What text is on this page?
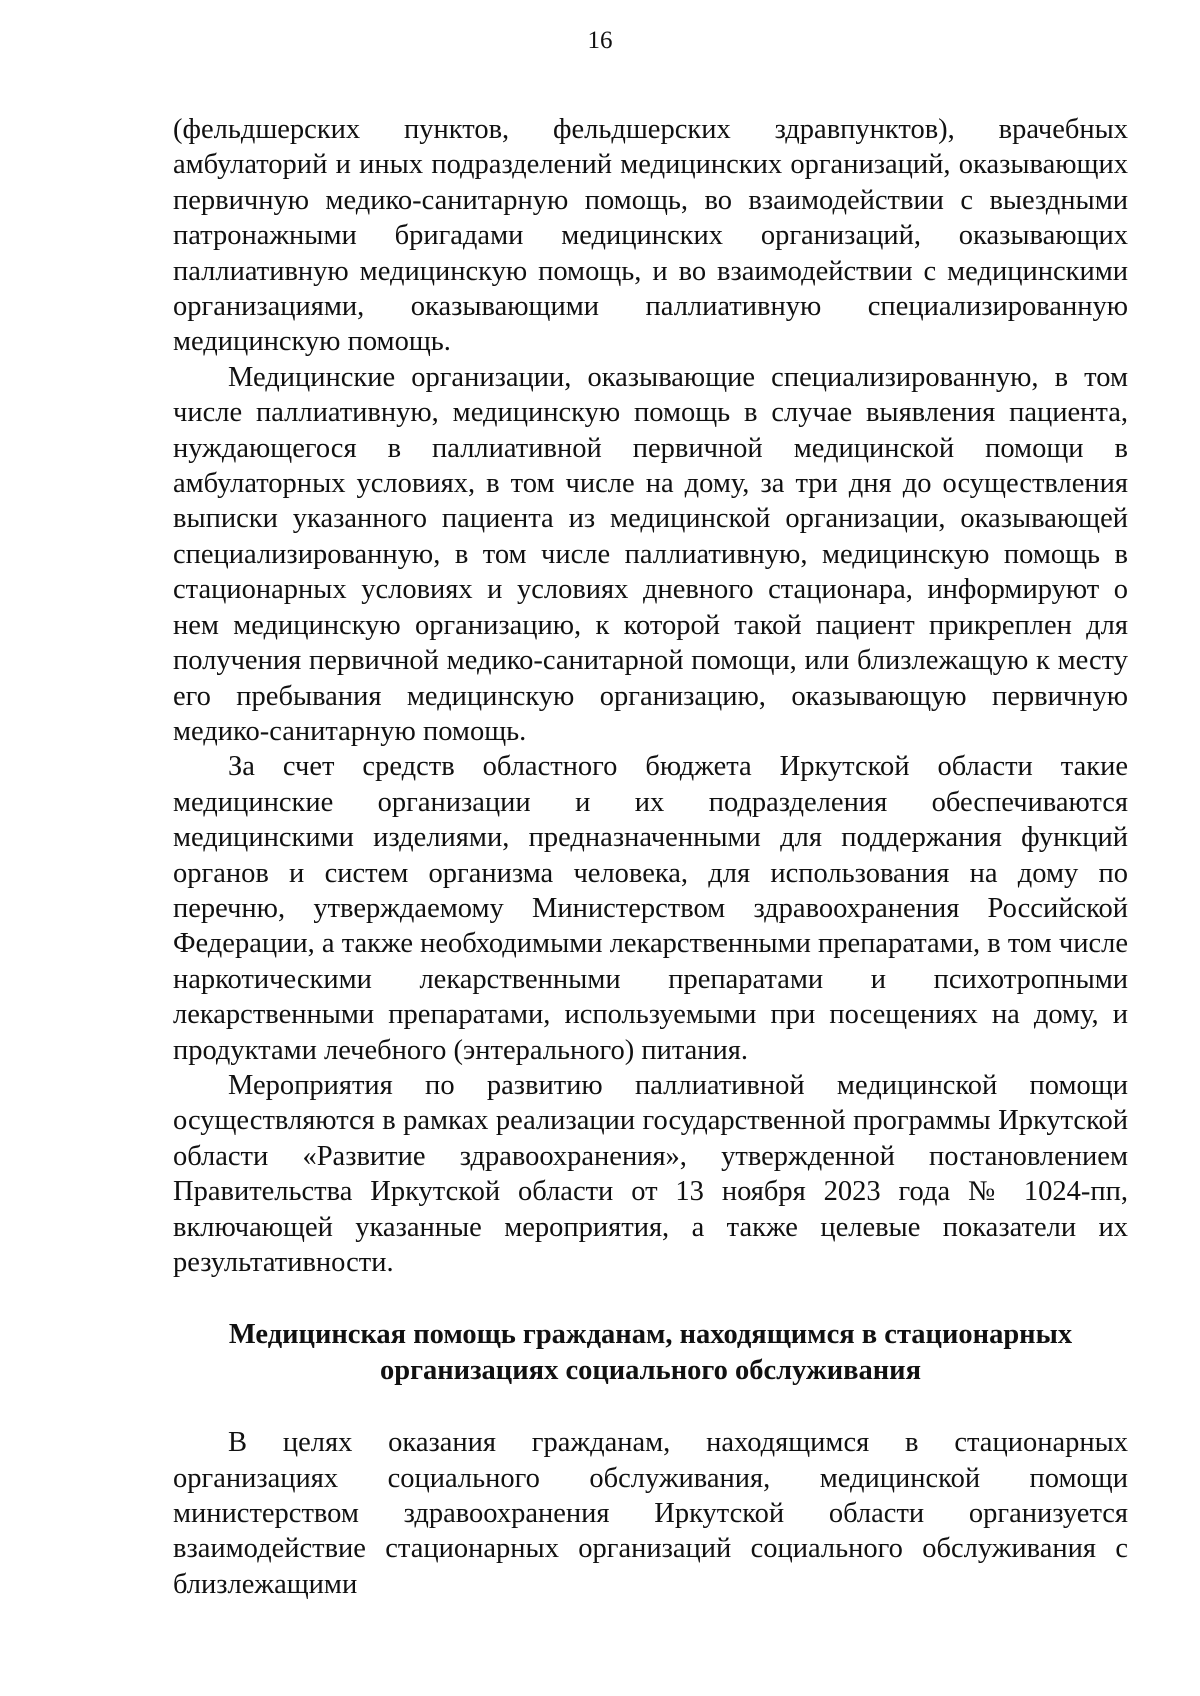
16

(фельдшерских пунктов, фельдшерских здравпунктов), врачебных амбулаторий и иных подразделений медицинских организаций, оказывающих первичную медико-санитарную помощь, во взаимодействии с выездными патронажными бригадами медицинских организаций, оказывающих паллиативную медицинскую помощь, и во взаимодействии с медицинскими организациями, оказывающими паллиативную специализированную медицинскую помощь.

Медицинские организации, оказывающие специализированную, в том числе паллиативную, медицинскую помощь в случае выявления пациента, нуждающегося в паллиативной первичной медицинской помощи в амбулаторных условиях, в том числе на дому, за три дня до осуществления выписки указанного пациента из медицинской организации, оказывающей специализированную, в том числе паллиативную, медицинскую помощь в стационарных условиях и условиях дневного стационара, информируют о нем медицинскую организацию, к которой такой пациент прикреплен для получения первичной медико-санитарной помощи, или близлежащую к месту его пребывания медицинскую организацию, оказывающую первичную медико-санитарную помощь.

За счет средств областного бюджета Иркутской области такие медицинские организации и их подразделения обеспечиваются медицинскими изделиями, предназначенными для поддержания функций органов и систем организма человека, для использования на дому по перечню, утверждаемому Министерством здравоохранения Российской Федерации, а также необходимыми лекарственными препаратами, в том числе наркотическими лекарственными препаратами и психотропными лекарственными препаратами, используемыми при посещениях на дому, и продуктами лечебного (энтерального) питания.

Мероприятия по развитию паллиативной медицинской помощи осуществляются в рамках реализации государственной программы Иркутской области «Развитие здравоохранения», утвержденной постановлением Правительства Иркутской области от 13 ноября 2023 года № 1024-пп, включающей указанные мероприятия, а также целевые показатели их результативности.

Медицинская помощь гражданам, находящимся в стационарных
организациях социального обслуживания

В целях оказания гражданам, находящимся в стационарных организациях социального обслуживания, медицинской помощи министерством здравоохранения Иркутской области организуется взаимодействие стационарных организаций социального обслуживания с близлежащими
